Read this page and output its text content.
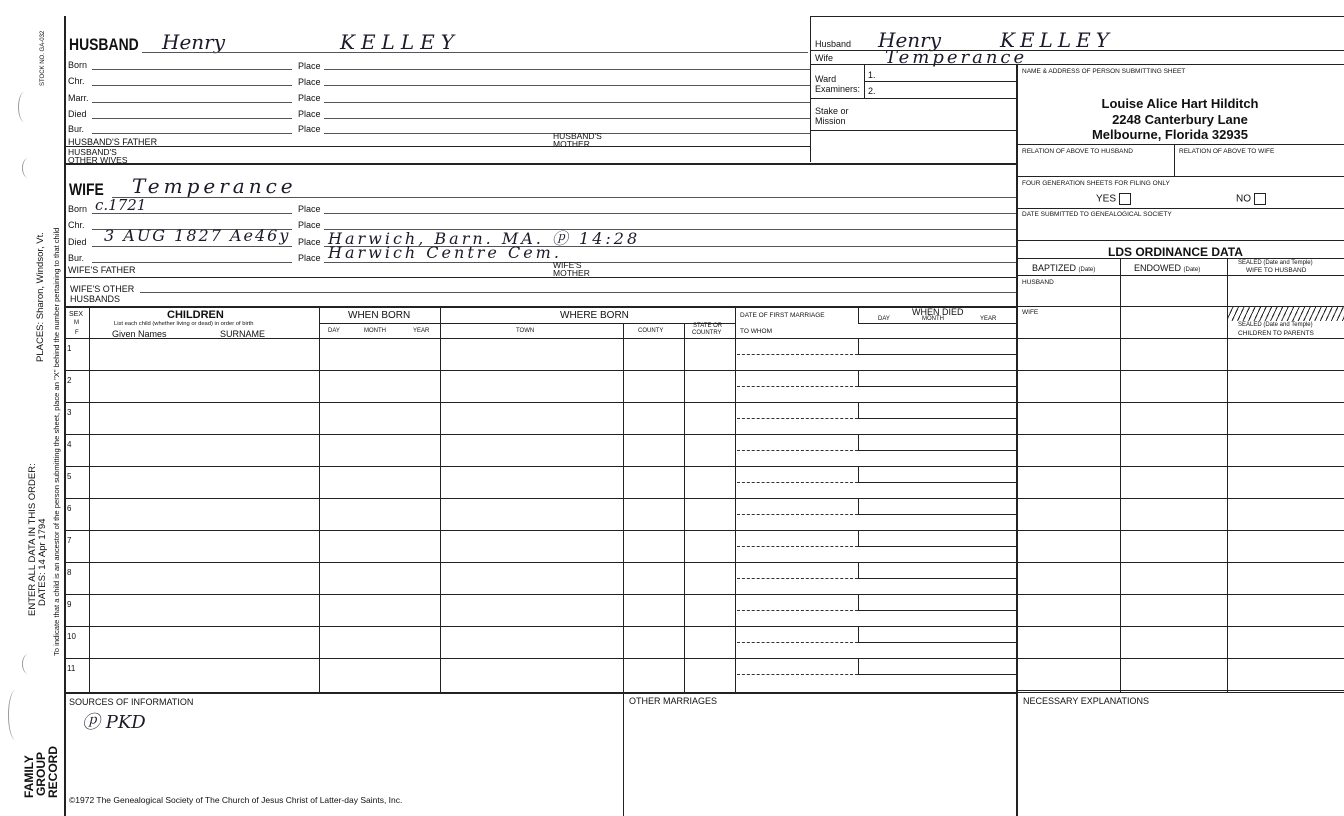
STOCK NO. GA-032
PLACES: Sharon, Windsor, Vt. To indicate that a child is an ancestor of the person submitting the sheet, place an "X" behind the number pertaining to that child
ENTER ALL DATA IN THIS ORDER: DATES: 14 Apr 1794
FAMILY
GROUP
RECORD
HUSBAND Henry	KELLEY
Born	Place
Chr.	Place
Marr.	Place
Died	Place
Bur.	Place
HUSBAND'S FATHER
HUSBAND'S
MOTHER
HUSBAND'S
OTHER WIVES
Husband Henry	KELLEY
Wife	Temperance
Ward
Examiners:
1.
2.
Stake or
Mission
NAME & ADDRESS OF PERSON SUBMITTING SHEET
Louise Alice Hart Hilditch
2248 Canterbury Lane
Melbourne, Florida 32935
RELATION OF ABOVE TO HUSBAND	RELATION OF ABOVE TO WIFE
FOUR GENERATION SHEETS FOR FILING ONLY
YES	NO
DATE SUBMITTED TO GENEALOGICAL SOCIETY
LDS ORDINANCE DATA
BAPTIZED (Date)	ENDOWED (Date)
SEALED (Date and Temple)
WIFE TO HUSBAND
HUSBAND
WIFE
SEALED (Date and Temple)
CHILDREN TO PARENTS
WIFE Temperance
Born c.1721	Place
Chr.	Place
Died 3 AUG 1827 Ae46y Place Harwich, Barn. MA. ⓟ 14:28
Bur.	Place Harwich Centre Cem.
WIFE'S FATHER	WIFE'S
MOTHER
WIFE'S OTHER
HUSBANDS
SEX
M
F
CHILDREN
List each child (whether living or dead) in order of birth
Given Names	SURNAME
WHEN BORN
DAY	MONTH	YEAR
WHERE BORN
TOWN	COUNTY
STATE OR
COUNTRY
DATE OF FIRST MARRIAGE
TO WHOM
DAY
WHEN DIED
MONTH	YEAR
1
2
3
4
5
6
7
8
9
10
11
SOURCES OF INFORMATION
ⓟ PKD
OTHER MARRIAGES	NECESSARY EXPLANATIONS
©1972 The Genealogical Society of The Church of Jesus Christ of Latter-day Saints, Inc.
